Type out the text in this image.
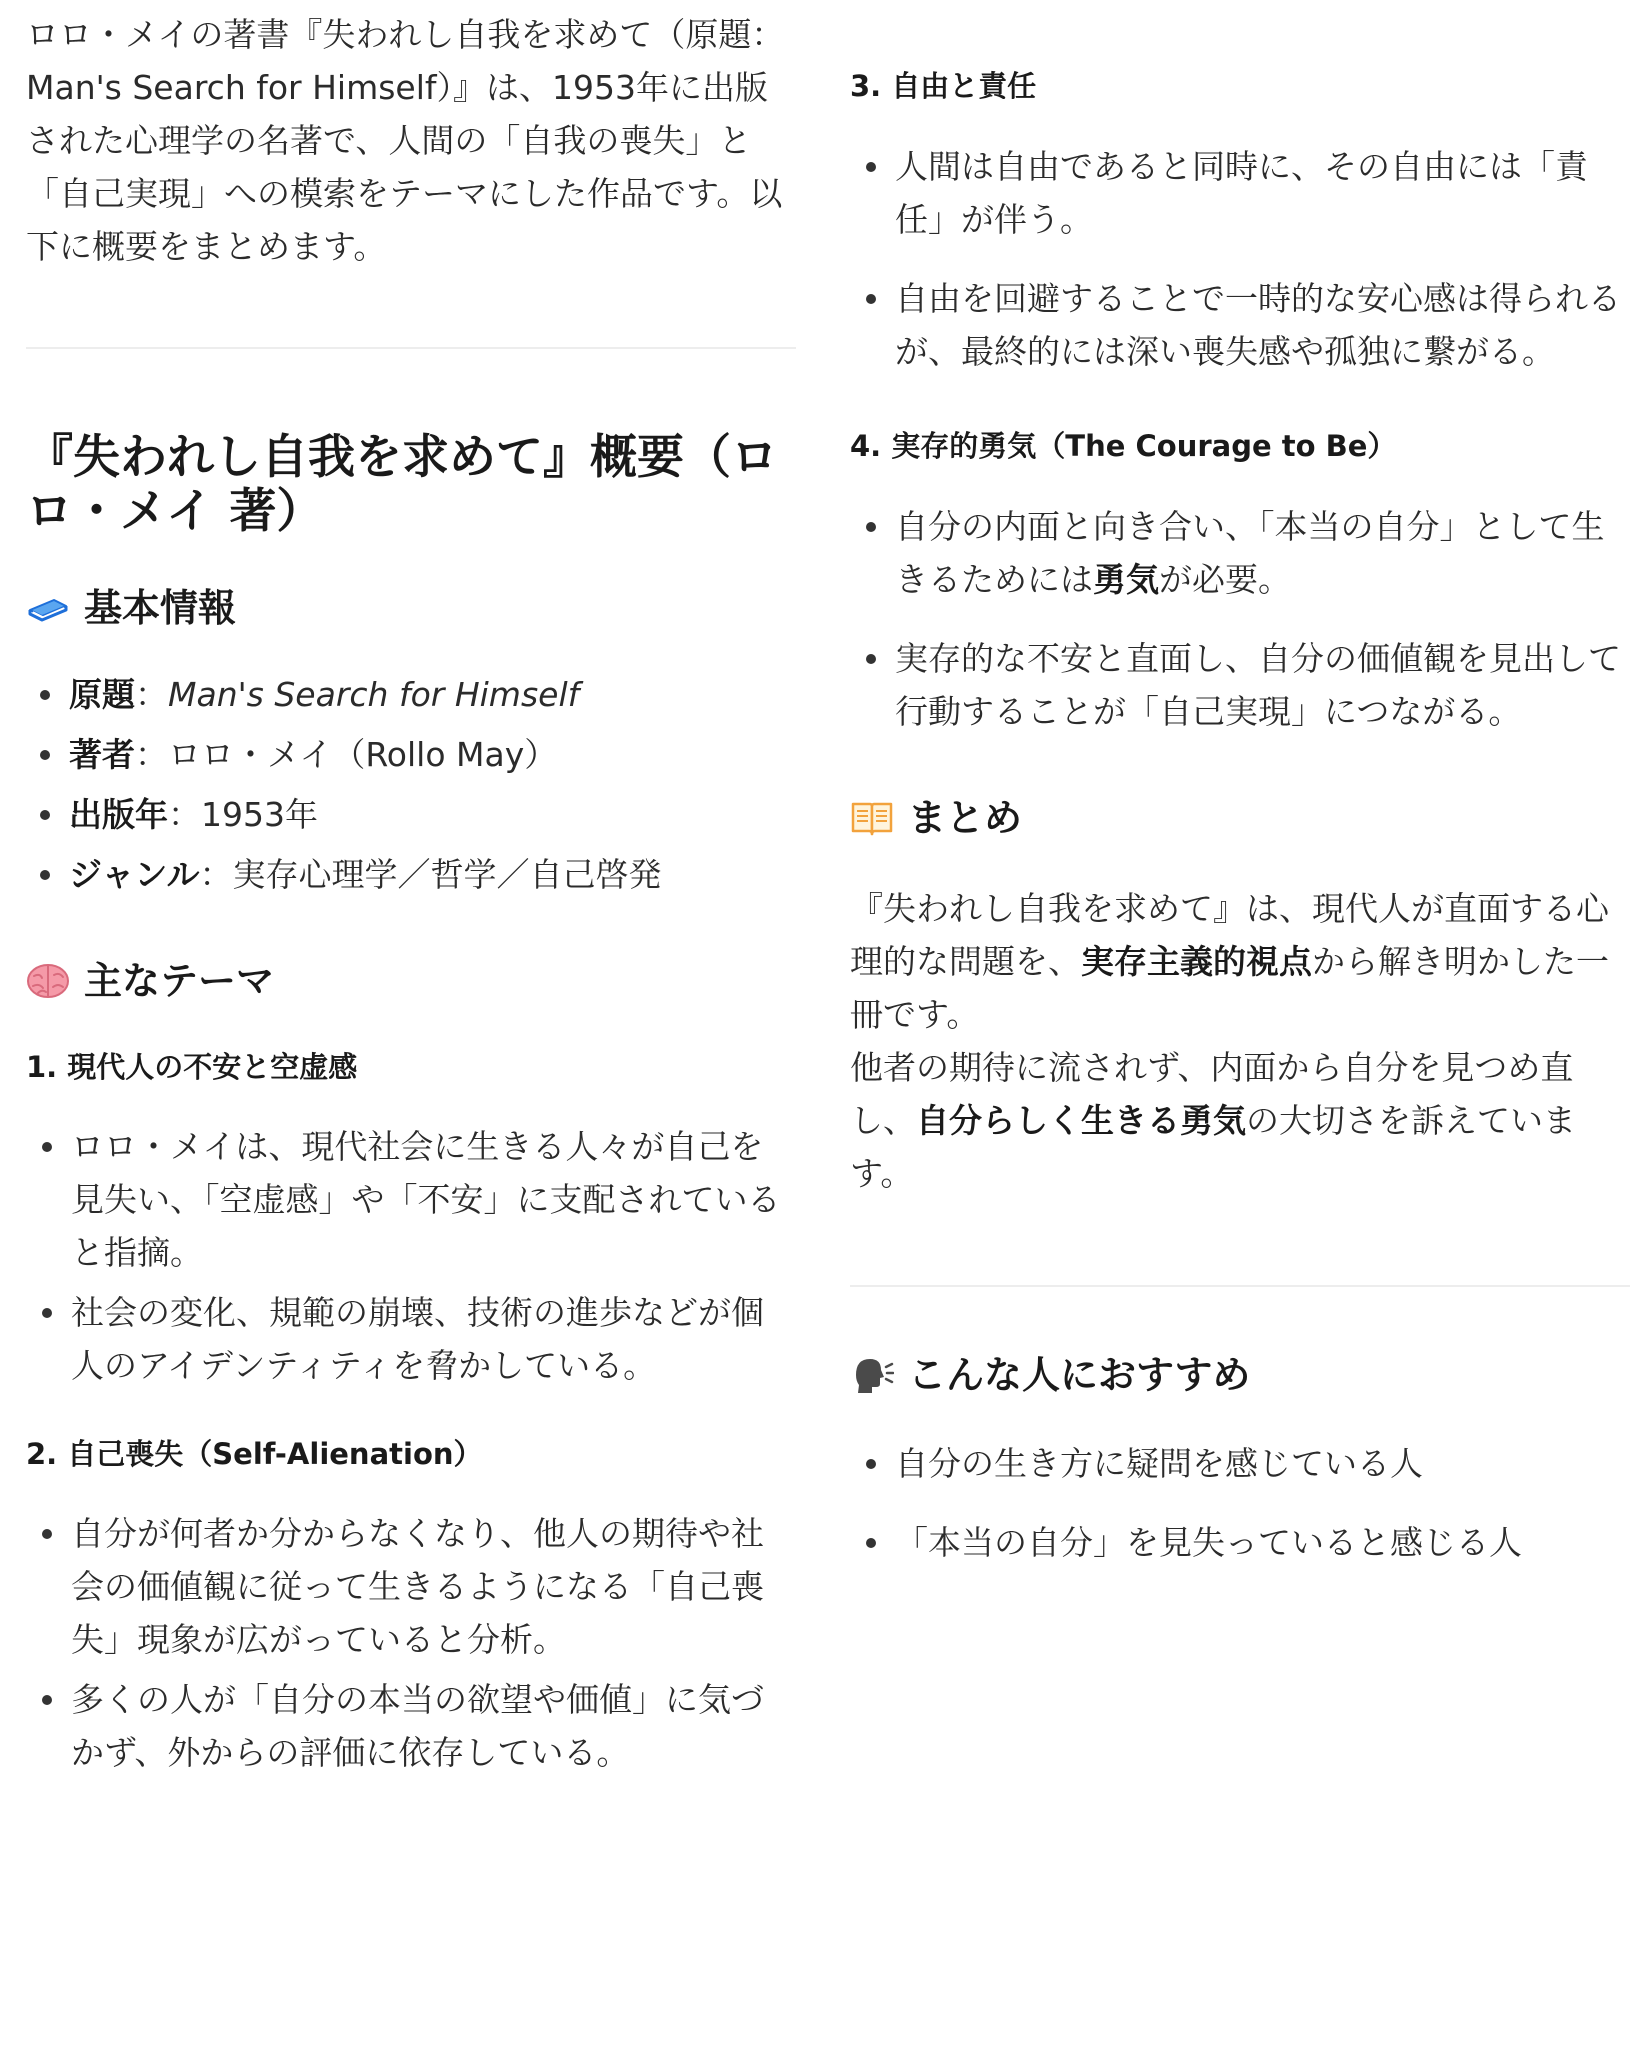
ロロ・メイの著書『失われし自我を求めて（原題：Man's Search for Himself）』は、1953年に出版された心理学の名著で、人間の「自我の喪失」と「自己実現」への模索をテーマにした作品です。以下に概要をまとめます。

『失われし自我を求めて』概要（ロロ・メイ 著）
基本情報
原題：Man's Search for Himself
著者：ロロ・メイ（Rollo May）
出版年：1953年
ジャンル：実存心理学／哲学／自己啓発
主なテーマ
1. 現代人の不安と空虚感
ロロ・メイは、現代社会に生きる人々が自己を見失い、「空虚感」や「不安」に支配されていると指摘。
社会の変化、規範の崩壊、技術の進歩などが個人のアイデンティティを脅かしている。
2. 自己喪失（Self-Alienation）
自分が何者か分からなくなり、他人の期待や社会の価値観に従って生きるようになる「自己喪失」現象が広がっていると分析。
多くの人が「自分の本当の欲望や価値」に気づかず、外からの評価に依存している。
3. 自由と責任
人間は自由であると同時に、その自由には「責任」が伴う。
自由を回避することで一時的な安心感は得られるが、最終的には深い喪失感や孤独に繋がる。
4. 実存的勇気（The Courage to Be）
自分の内面と向き合い、「本当の自分」として生きるためには勇気が必要。
実存的な不安と直面し、自分の価値観を見出して行動することが「自己実現」につながる。
まとめ

『失われし自我を求めて』は、現代人が直面する心理的な問題を、実存主義的視点から解き明かした一冊です。

他者の期待に流されず、内面から自分を見つめ直し、自分らしく生きる勇気の大切さを訴えています。

こんな人におすすめ
自分の生き方に疑問を感じている人
「本当の自分」を見失っていると感じる人
